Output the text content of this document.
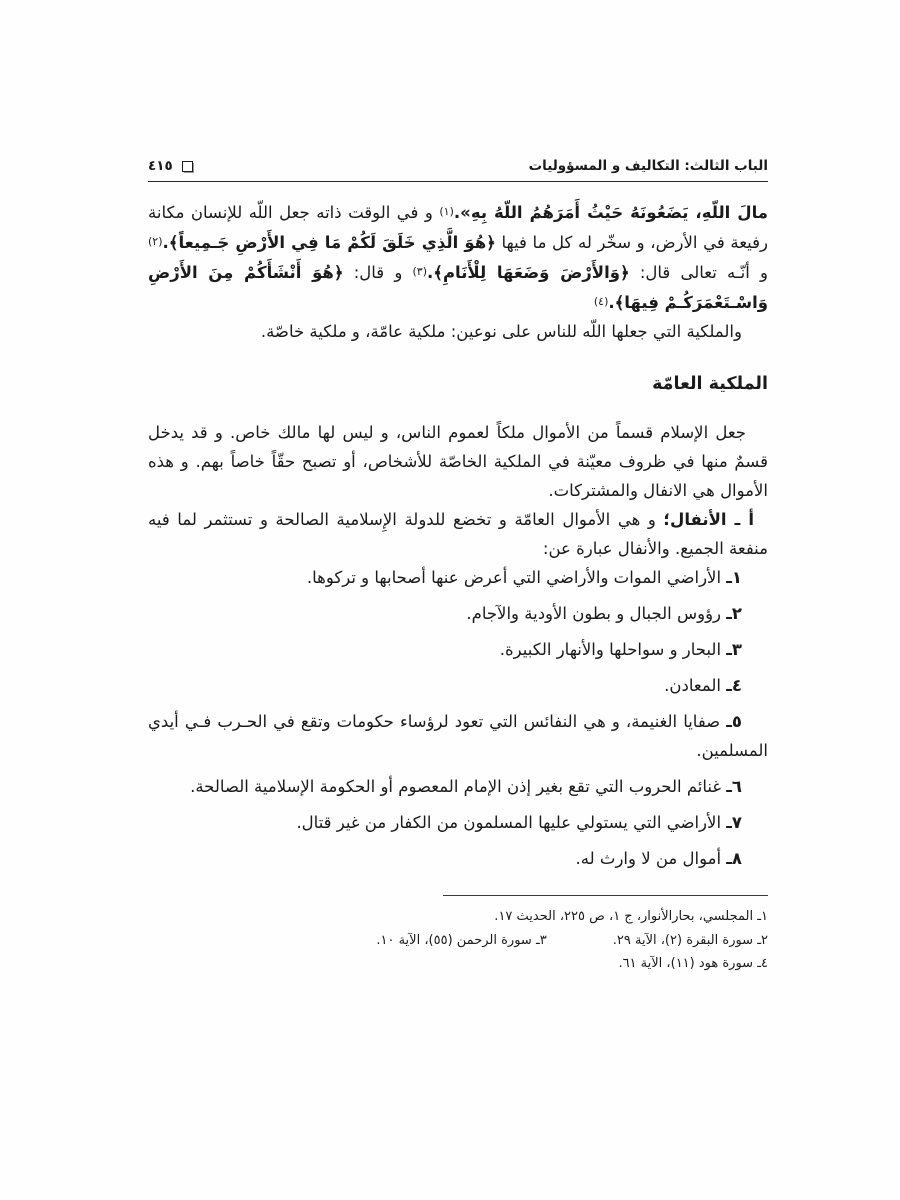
٤١٥	الباب الثالث: التكاليف و المسؤوليات

مالَ اللّهِ، يَضَعُونَهُ حَيْثُ أَمَرَهُمُ اللّهُ بِهِ».(١) و في الوقت ذاته جعل اللّه للإنسان مكانة رفيعة في الأرض، و سخّر له كل ما فيها ﴿هُوَ الَّذِي خَلَقَ لَكُمْ مَا فِي الأَرْضِ جَـمِيعاً﴾.(٢) و أنّـه تعالى قال: ﴿وَالأَرْضَ وَضَعَهَا لِلْأَنَامِ﴾.(٣) و قال: ﴿هُوَ أَنْشَأَكُمْ مِنَ الأَرْضِ وَاسْـتَعْمَرَكُـمْ فِيهَا﴾.(٤)

والملكية التي جعلها اللّه للناس على نوعين: ملكية عامّة، و ملكية خاصّة.

الملكية العامّة

جعل الإسلام قسماً من الأموال ملكاً لعموم الناس، و ليس لها مالك خاص. و قد يدخل قسمٌ منها في ظروف معيّنة في الملكية الخاصّة للأشخاص، أو تصبح حقّاً خاصاً بهم. و هذه الأموال هي الانفال والمشتركات.

أ ـ الأنفال؛ و هي الأموال العامّة و تخضع للدولة الإِسلامية الصالحة و تستثمر لما فيه منفعة الجميع. والأنفال عبارة عن:

١ـ الأراضي الموات والأراضي التي أعرض عنها أصحابها و تركوها.

٢ـ رؤوس الجبال و بطون الأودية والآجام.

٣ـ البحار و سواحلها والأنهار الكبيرة.

٤ـ المعادن.

٥ـ صفايا الغنيمة، و هي النفائس التي تعود لرؤساء حكومات وتقع في الحـرب فـي أيدي المسلمين.

٦ـ غنائم الحروب التي تقع بغير إذن الإمام المعصوم أو الحكومة الإسلامية الصالحة.

٧ـ الأراضي التي يستولي عليها المسلمون من الكفار من غير قتال.

٨ـ أموال من لا وارث له.

١ـ المجلسي، بحارالأنوار، ج ١، ص ٢٢٥، الحديث ١٧.

٢ـ سورة البقرة (٢)، الآية ٢٩.
٣ـ سورة الرحمن (٥٥)، الآية ١٠.

٤ـ سورة هود (١١)، الآية ٦١.
